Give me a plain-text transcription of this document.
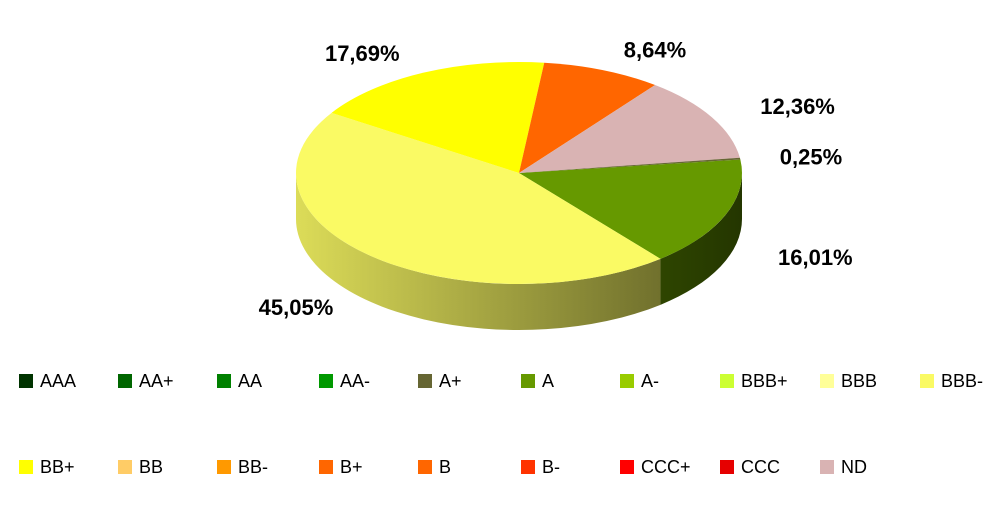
16,01%
45,05%
17,69%	8,64%
12,36%
0,25%
AAA	AA+	AA	AA-	A+	A	A-	BBB+	BBB	BBB-
BB+	BB	BB-	B+	B	B-	CCC+	CCC	ND
